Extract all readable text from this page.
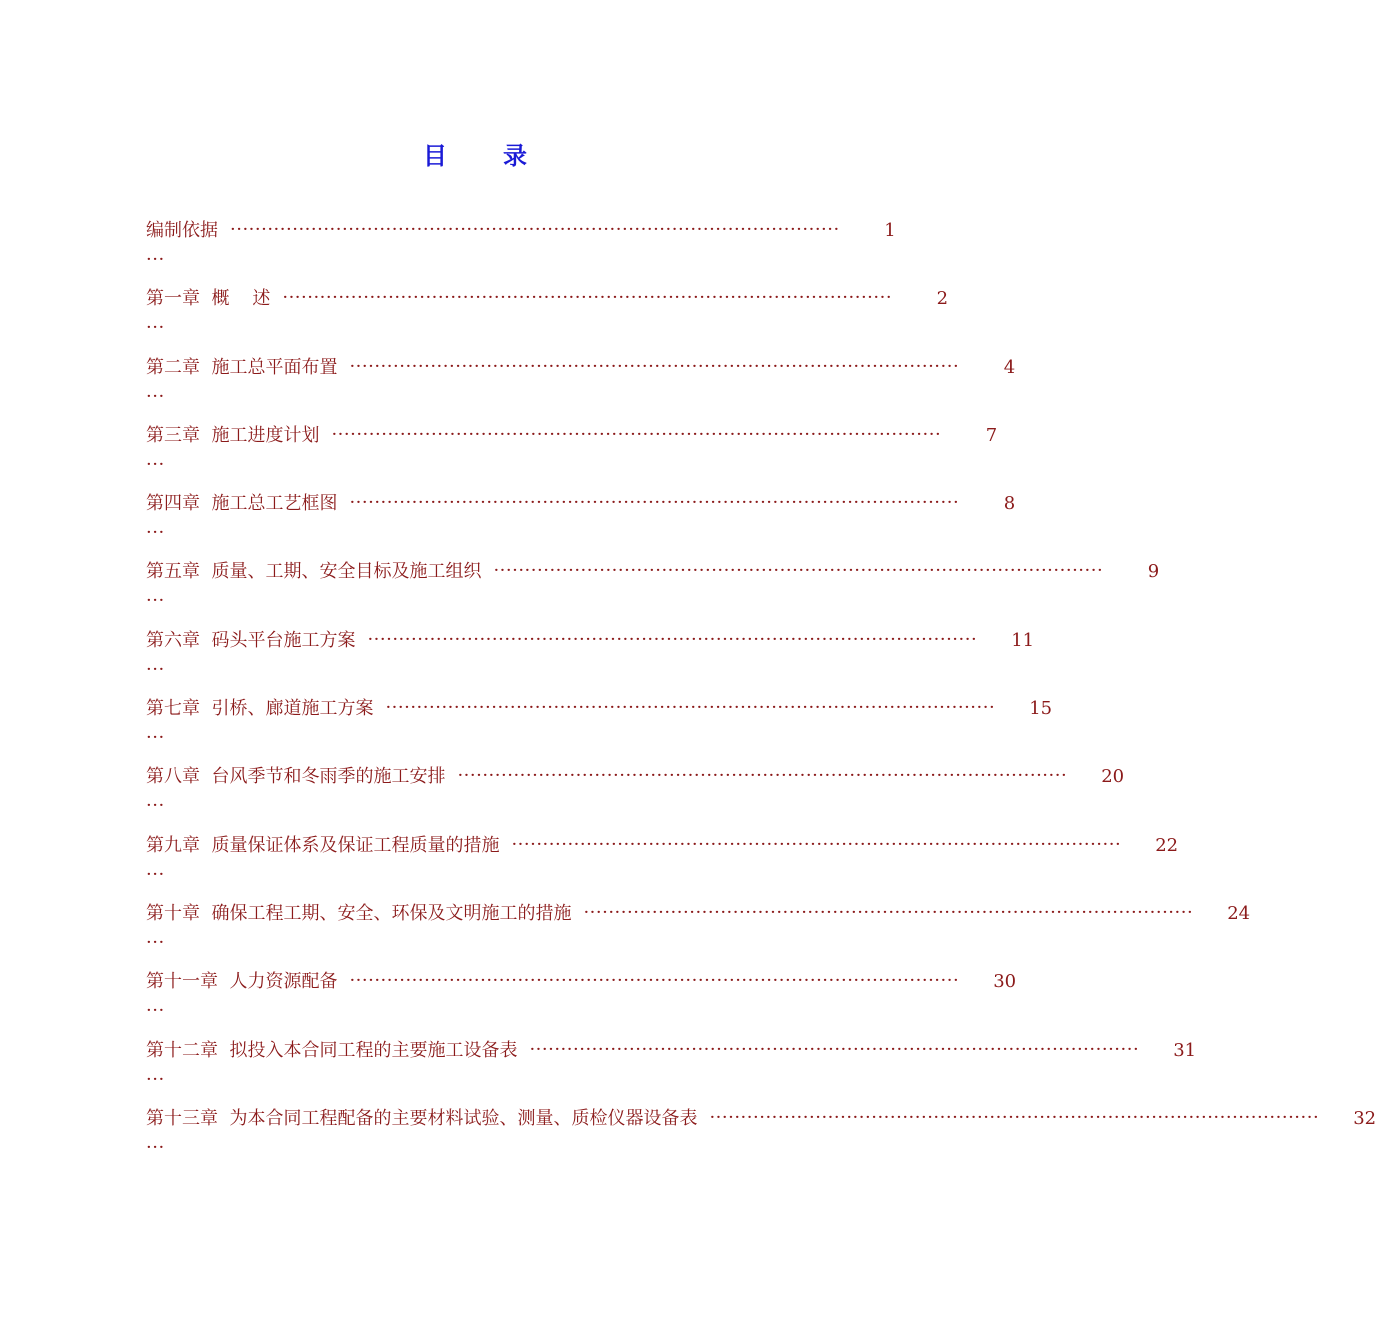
目 录
编制依据 ··································································································	1
···
第一章  概    述 ··································································································	2
···
第二章  施工总平面布置 ··································································································	4
···
第三章  施工进度计划 ··································································································	7
···
第四章  施工总工艺框图 ··································································································	8
···
第五章  质量、工期、安全目标及施工组织 ··································································································	9
···
第六章  码头平台施工方案 ·································································································· 11
···
第七章  引桥、廊道施工方案 ·································································································· 15
···
第八章  台风季节和冬雨季的施工安排 ·································································································· 20
···
第九章  质量保证体系及保证工程质量的措施 ·································································································· 22
···
第十章  确保工程工期、安全、环保及文明施工的措施 ·································································································· 24
···
第十一章  人力资源配备 ·································································································· 30
···
第十二章  拟投入本合同工程的主要施工设备表 ·································································································· 31
···
第十三章  为本合同工程配备的主要材料试验、测量、质检仪器设备表 ·································································································· 32
···
